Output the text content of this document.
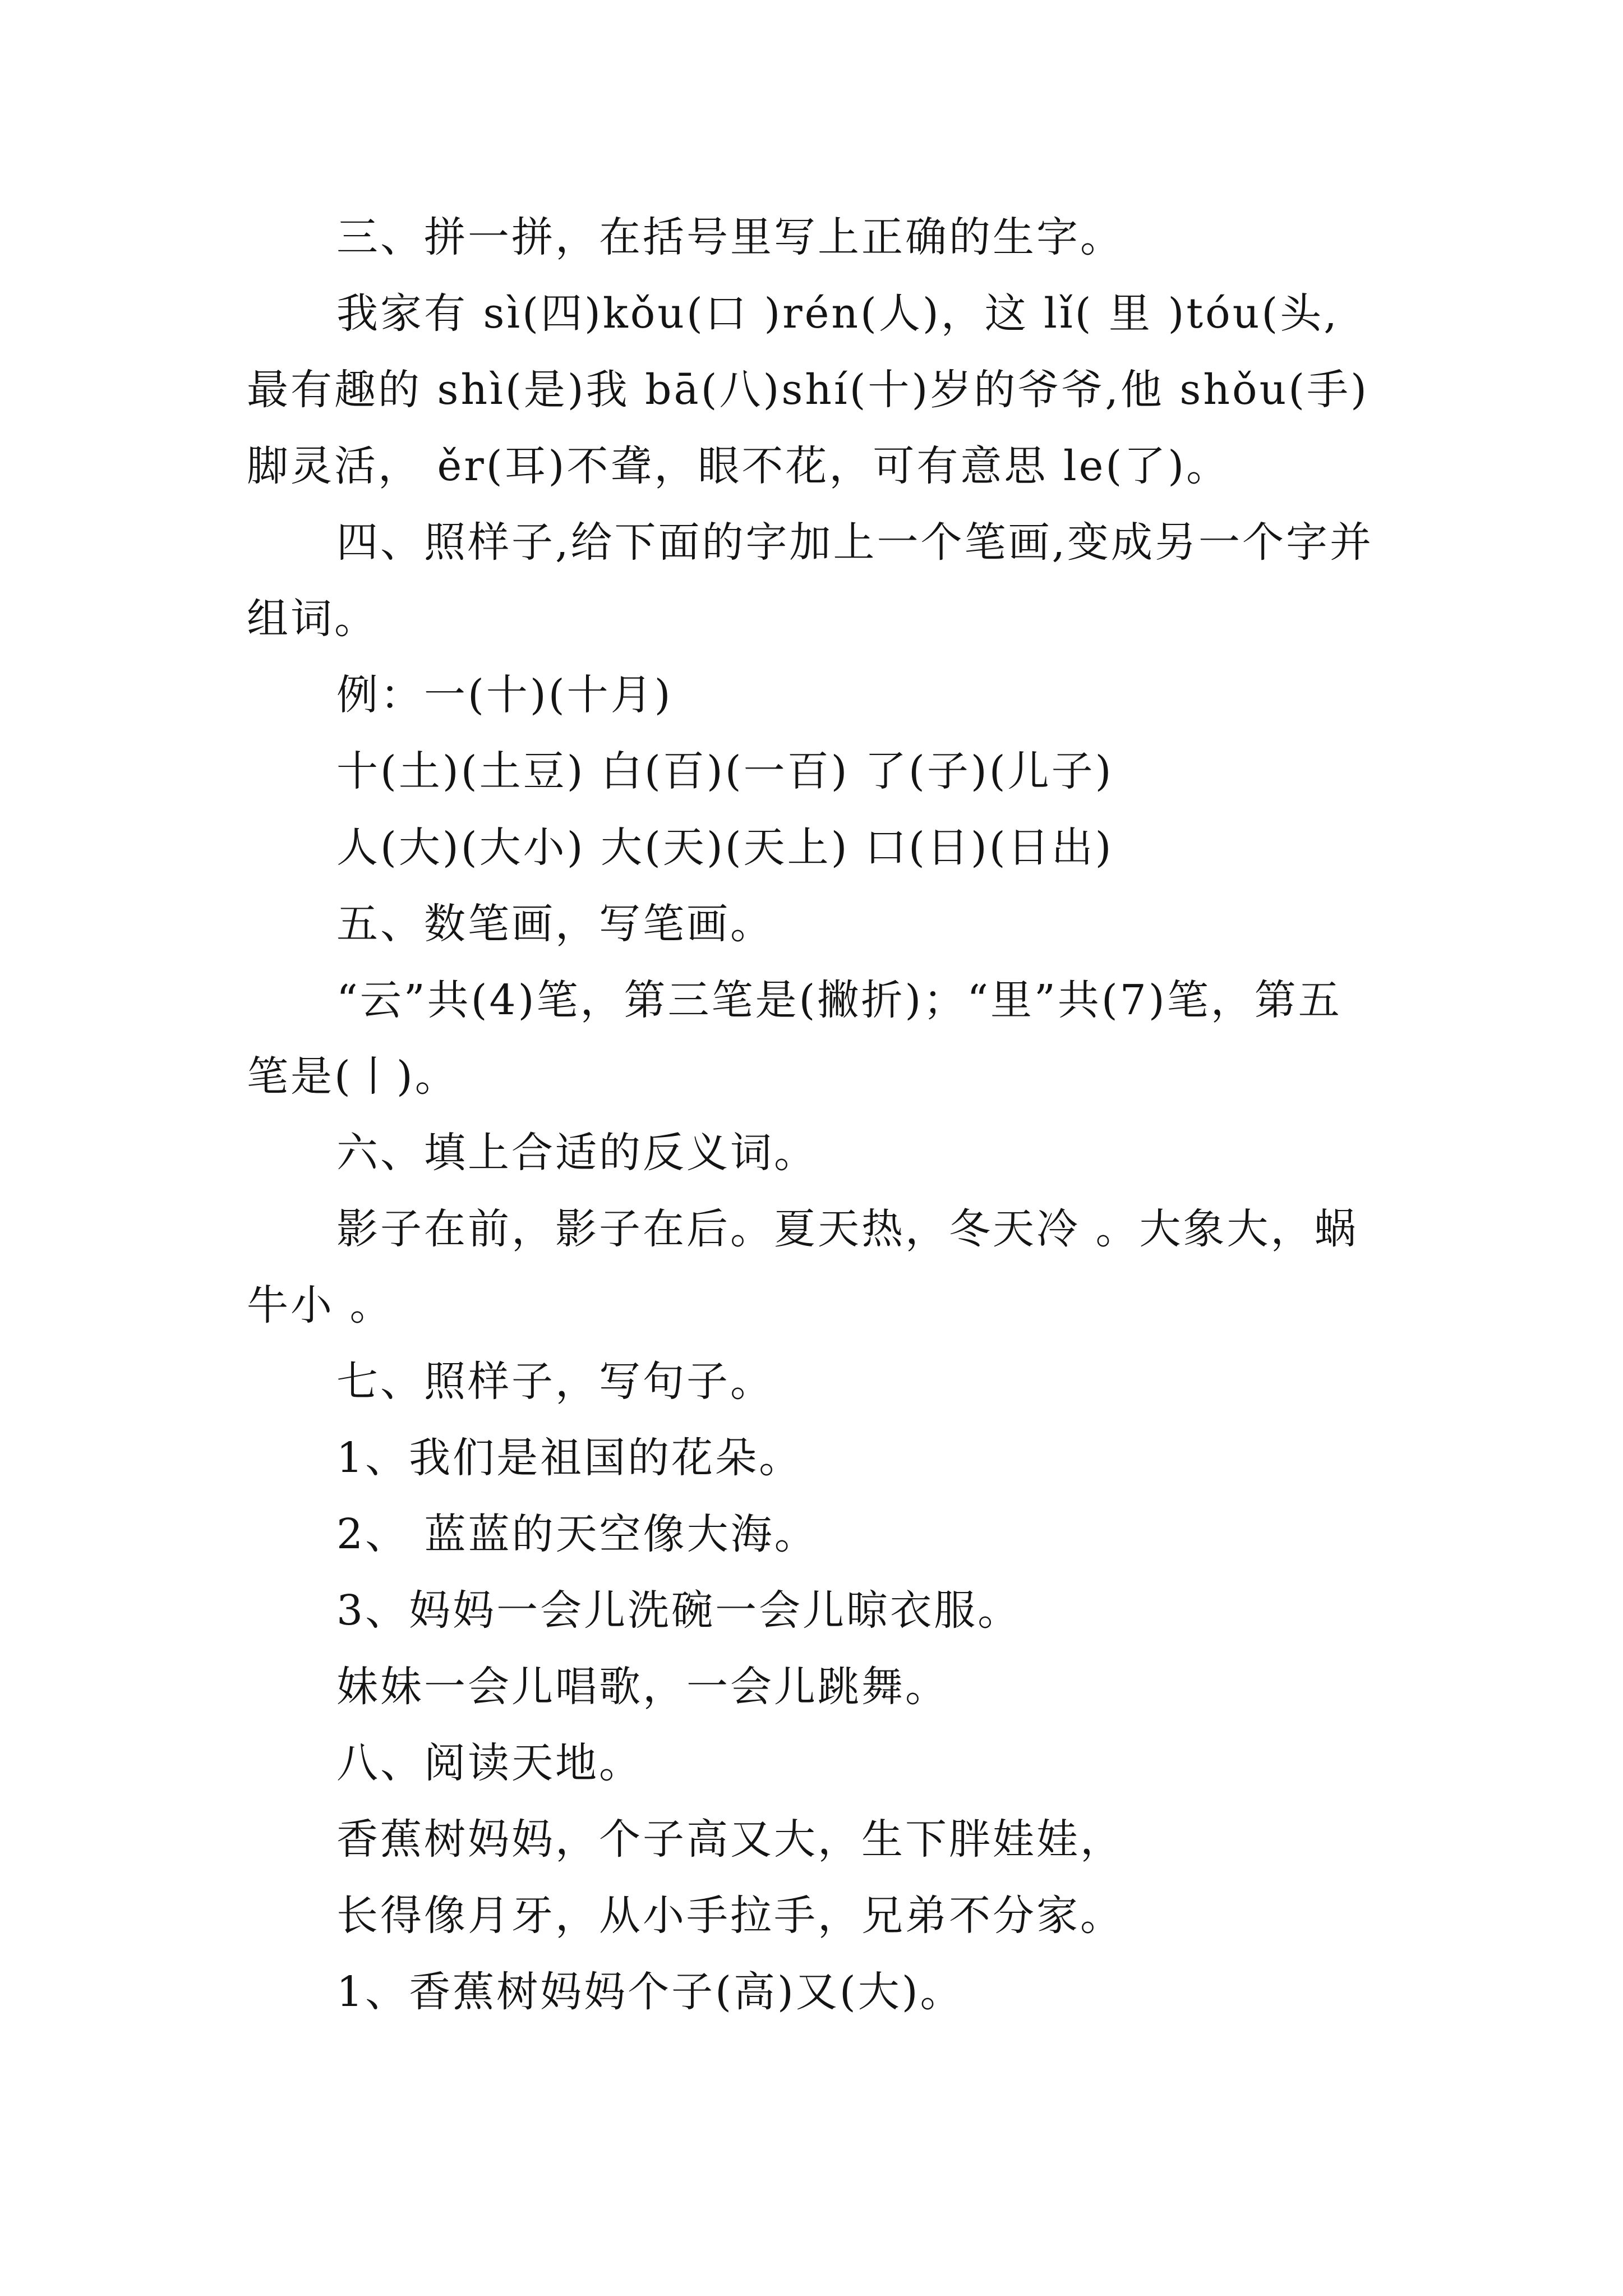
三、拼一拼，在括号里写上正确的生字。

我家有 sì(四)kǒu(口 )rén(人)，这 lǐ( 里 )tóu(头,最有趣的 shì(是)我 bā(八)shí(十)岁的爷爷,他 shǒu(手)脚灵活， ěr(耳)不聋，眼不花，可有意思 le(了)。

四、照样子,给下面的字加上一个笔画,变成另一个字并组词。

例：一(十)(十月)

十(土)(土豆) 白(百)(一百) 了(子)(儿子)

人(大)(大小) 大(天)(天上) 口(日)(日出)

五、数笔画，写笔画。

“云”共(4)笔，第三笔是(撇折)；“里”共(7)笔，第五笔是(丨)。

六、填上合适的反义词。

影子在前，影子在后。夏天热，冬天冷 。大象大，蜗牛小 。

七、照样子，写句子。

1、我们是祖国的花朵。

2、 蓝蓝的天空像大海。

3、妈妈一会儿洗碗一会儿晾衣服。

妹妹一会儿唱歌，一会儿跳舞。

八、阅读天地。

香蕉树妈妈，个子高又大，生下胖娃娃，

长得像月牙，从小手拉手，兄弟不分家。

1、香蕉树妈妈个子(高)又(大)。
